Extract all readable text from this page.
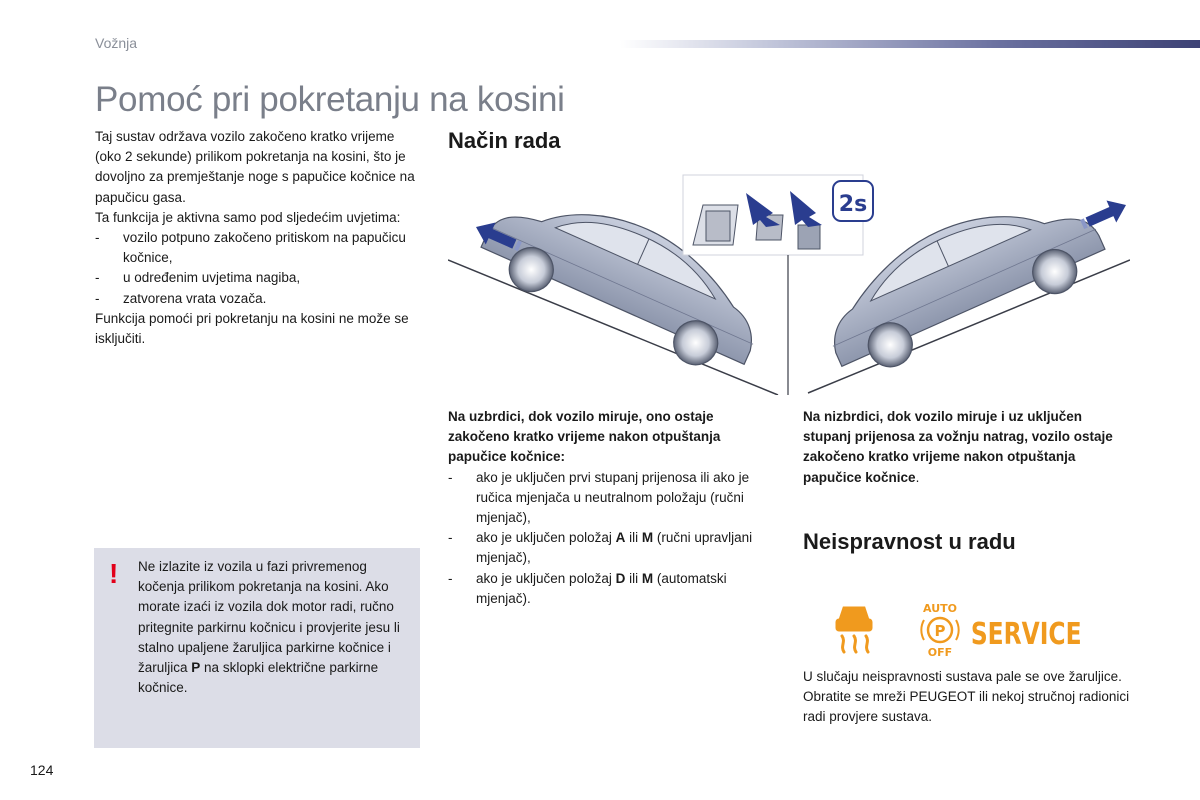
Vožnja
Pomoć pri pokretanju na kosini

Taj sustav održava vozilo zakočeno kratko vrijeme (oko 2 sekunde) prilikom pokretanja na kosini, što je dovoljno za premještanje noge s papučice kočnice na papučicu gasa.

Ta funkcija je aktivna samo pod sljedećim uvjetima:

- vozilo potpuno zakočeno pritiskom na papučicu kočnice,

- u određenim uvjetima nagiba,

- zatvorena vrata vozača.

Funkcija pomoći pri pokretanju na kosini ne može se isključiti.

Način rada
2s

Na uzbrdici, dok vozilo miruje, ono ostaje zakočeno kratko vrijeme nakon otpuštanja papučice kočnice:

- ako je uključen prvi stupanj prijenosa ili ako je ručica mjenjača u neutralnom položaju (ručni mjenjač),

- ako je uključen položaj A ili M (ručni upravljani mjenjač),

- ako je uključen položaj D ili M (automatski mjenjač).

Na nizbrdici, dok vozilo miruje i uz uključen stupanj prijenosa za vožnju natrag, vozilo ostaje zakočeno kratko vrijeme nakon otpuštanja papučice kočnice.

! Ne izlazite iz vozila u fazi privremenog kočenja prilikom pokretanja na kosini. Ako morate izaći iz vozila dok motor radi, ručno pritegnite parkirnu kočnicu i provjerite jesu li stalno upaljene žaruljica parkirne kočnice i žaruljica P na sklopki električne parkirne kočnice.
Neispravnost u radu
AUTO
P
OFF
SERVICE

U slučaju neispravnosti sustava pale se ove žaruljice. Obratite se mreži PEUGEOT ili nekoj stručnoj radionici radi provjere sustava.

124
